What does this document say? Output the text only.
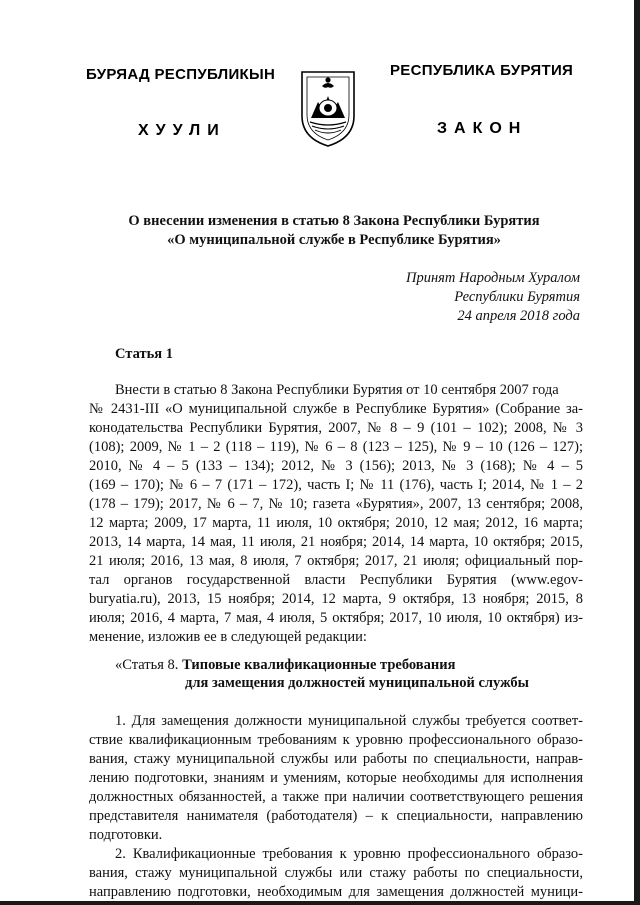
БУРЯАД РЕСПУБЛИКЫН	РЕСПУБЛИКА БУРЯТИЯ
ХУУЛИ	ЗАКОН
О внесении изменения в статью 8 Закона Республики Бурятия
«О муниципальной службе в Республике Бурятия»
Принят Народным Хуралом
Республики Бурятия
24 апреля 2018 года
Статья 1
Внести в статью 8 Закона Республики Бурятия от 10 сентября 2007 года
№ 2431-III «О муниципальной службе в Республике Бурятия» (Собрание за-
конодательства Республики Бурятия, 2007, № 8 – 9 (101 – 102); 2008, № 3
(108); 2009, № 1 – 2 (118 – 119), № 6 – 8 (123 – 125), № 9 – 10 (126 – 127);
2010, № 4 – 5 (133 – 134); 2012, № 3 (156); 2013, № 3 (168); № 4 – 5
(169 – 170); № 6 – 7 (171 – 172), часть I; № 11 (176), часть I; 2014, № 1 – 2
(178 – 179); 2017, № 6 – 7, № 10; газета «Бурятия», 2007, 13 сентября; 2008,
12 марта; 2009, 17 марта, 11 июля, 10 октября; 2010, 12 мая; 2012, 16 марта;
2013, 14 марта, 14 мая, 11 июля, 21 ноября; 2014, 14 марта, 10 октября; 2015,
21 июля; 2016, 13 мая, 8 июля, 7 октября; 2017, 21 июля; официальный пор-
тал органов государственной власти Республики Бурятия (www.egov-
buryatia.ru), 2013, 15 ноября; 2014, 12 марта, 9 октября, 13 ноября; 2015, 8
июля; 2016, 4 марта, 7 мая, 4 июля, 5 октября; 2017, 10 июля, 10 октября) из-
менение, изложив ее в следующей редакции:
«Статья 8. Типовые квалификационные требования
для замещения должностей муниципальной службы
1. Для замещения должности муниципальной службы требуется соответ-
ствие квалификационным требованиям к уровню профессионального образо-
вания, стажу муниципальной службы или работы по специальности, направ-
лению подготовки, знаниям и умениям, которые необходимы для исполнения
должностных обязанностей, а также при наличии соответствующего решения
представителя нанимателя (работодателя) – к специальности, направлению
подготовки.
2. Квалификационные требования к уровню профессионального образо-
вания, стажу муниципальной службы или стажу работы по специальности,
направлению подготовки, необходимым для замещения должностей муници-
